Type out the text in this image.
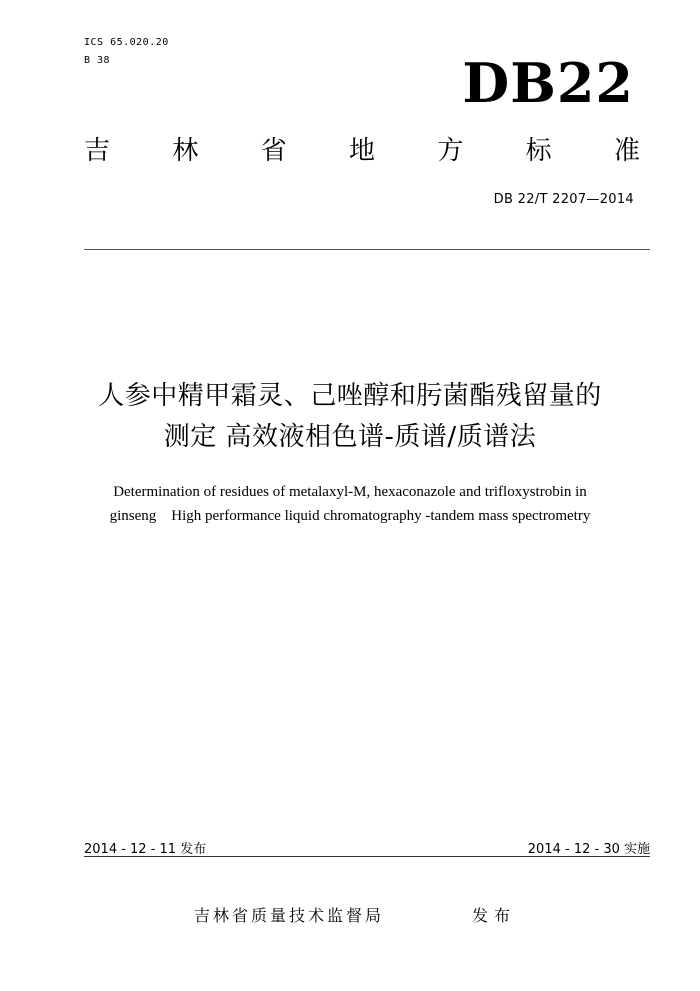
ICS 65.020.20
B 38	DB22
吉 林 省 地 方 标 准
DB 22/T 2207—2014
人参中精甲霜灵、己唑醇和肟菌酯残留量的
测定 高效液相色谱-质谱/质谱法
Determination of residues of metalaxyl-M, hexaconazole and trifloxystrobin in
ginseng    High performance liquid chromatography -tandem mass spectrometry
2014 - 12 - 11 发布	2014 - 12 - 30 实施
吉林省质量技术监督局	发布
